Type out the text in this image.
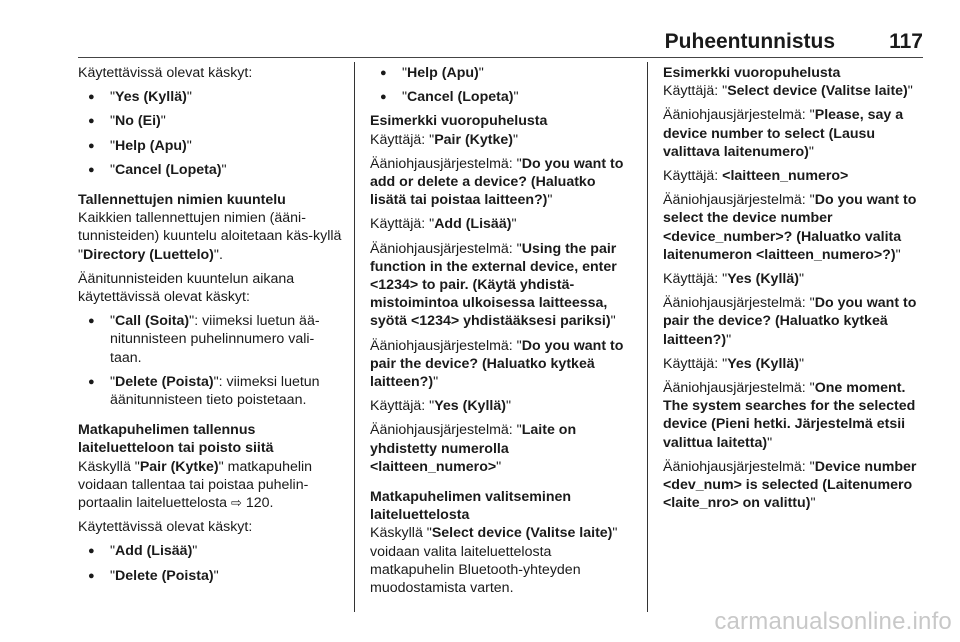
Puheentunnistus	117

Käytettävissä olevat käskyt:

● "Yes (Kyllä)"
● "No (Ei)"
● "Help (Apu)"
● "Cancel (Lopeta)"
Tallennettujen nimien kuuntelu

Kaikkien tallennettujen nimien (ääni-tunnisteiden) kuuntelu aloitetaan käs-kyllä "Directory (Luettelo)".

Äänitunnisteiden kuuntelun aikana käytettävissä olevat käskyt:

● "Call (Soita)": viimeksi luetun ää-nitunnisteen puhelinnumero vali-taan.
● "Delete (Poista)": viimeksi luetun äänitunnisteen tieto poistetaan.
Matkapuhelimen tallennus laiteluetteloon tai poisto siitä

Käskyllä "Pair (Kytke)" matkapuhelin voidaan tallentaa tai poistaa puhelin-portaalin laiteluettelosta ⇨ 120.

Käytettävissä olevat käskyt:

● "Add (Lisää)"
● "Delete (Poista)"
● "Help (Apu)"
● "Cancel (Lopeta)"
Esimerkki vuoropuhelusta

Käyttäjä: "Pair (Kytke)"

Ääniohjausjärjestelmä: "Do you want to add or delete a device? (Haluatko lisätä tai poistaa laitteen?)"

Käyttäjä: "Add (Lisää)"

Ääniohjausjärjestelmä: "Using the pair function in the external device, enter <1234> to pair. (Käytä yhdistä-mistoimintoa ulkoisessa laitteessa, syötä <1234> yhdistääksesi pariksi)"

Ääniohjausjärjestelmä: "Do you want to pair the device? (Haluatko kytkeä laitteen?)"

Käyttäjä: "Yes (Kyllä)"

Ääniohjausjärjestelmä: "Laite on yhdistetty numerolla <laitteen_numero>"

Matkapuhelimen valitseminen laiteluettelosta

Käskyllä "Select device (Valitse laite)" voidaan valita laiteluettelosta matkapuhelin Bluetooth-yhteyden muodostamista varten.

Esimerkki vuoropuhelusta

Käyttäjä: "Select device (Valitse laite)"

Ääniohjausjärjestelmä: "Please, say a device number to select (Lausu valittava laitenumero)"

Käyttäjä: <laitteen_numero>

Ääniohjausjärjestelmä: "Do you want to select the device number <device_number>? (Haluatko valita laitenumeron <laitteen_numero>?)"

Käyttäjä: "Yes (Kyllä)"

Ääniohjausjärjestelmä: "Do you want to pair the device? (Haluatko kytkeä laitteen?)"

Käyttäjä: "Yes (Kyllä)"

Ääniohjausjärjestelmä: "One moment. The system searches for the selected device (Pieni hetki. Järjestelmä etsii valittua laitetta)"

Ääniohjausjärjestelmä: "Device number <dev_num> is selected (Laitenumero <laite_nro> on valittu)"

carmanualsonline.info
